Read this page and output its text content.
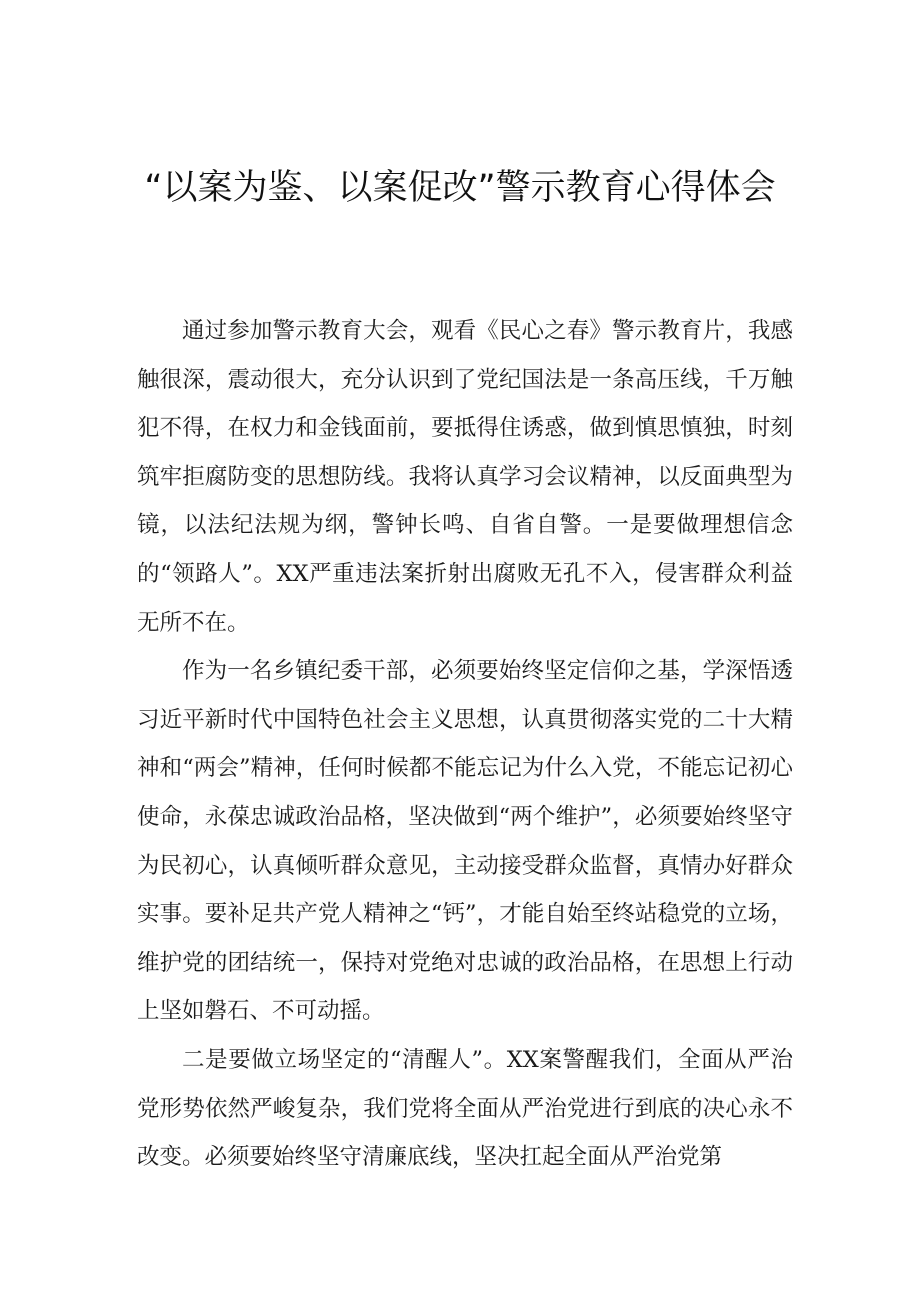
“以案为鉴、以案促改”警示教育心得体会

通过参加警示教育大会，观看《民心之春》警示教育片，我感触很深，震动很大，充分认识到了党纪国法是一条高压线，千万触犯不得，在权力和金钱面前，要抵得住诱惑，做到慎思慎独，时刻筑牢拒腐防变的思想防线。我将认真学习会议精神，以反面典型为镜，以法纪法规为纲，警钟长鸣、自省自警。一是要做理想信念的“领路人”。XX严重违法案折射出腐败无孔不入，侵害群众利益无所不在。

作为一名乡镇纪委干部，必须要始终坚定信仰之基，学深悟透习近平新时代中国特色社会主义思想，认真贯彻落实党的二十大精神和“两会”精神，任何时候都不能忘记为什么入党，不能忘记初心使命，永葆忠诚政治品格，坚决做到“两个维护”，必须要始终坚守为民初心，认真倾听群众意见，主动接受群众监督，真情办好群众实事。要补足共产党人精神之“钙”，才能自始至终站稳党的立场，维护党的团结统一，保持对党绝对忠诚的政治品格，在思想上行动上坚如磐石、不可动摇。

二是要做立场坚定的“清醒人”。XX案警醒我们，全面从严治党形势依然严峻复杂，我们党将全面从严治党进行到底的决心永不改变。必须要始终坚守清廉底线，坚决扛起全面从严治党第
